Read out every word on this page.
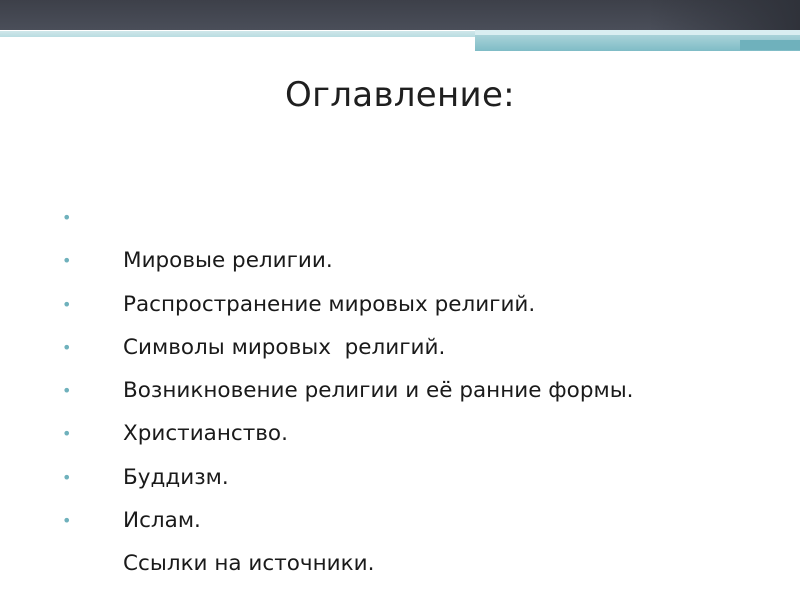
Оглавление:

•
Мировые религии.

•
Распространение мировых религий.

•
Символы мировых  религий.

•
Возникновение религии и её ранние формы.

•
Христианство.

•
Буддизм.

•
Ислам.

•
Ссылки на источники.
